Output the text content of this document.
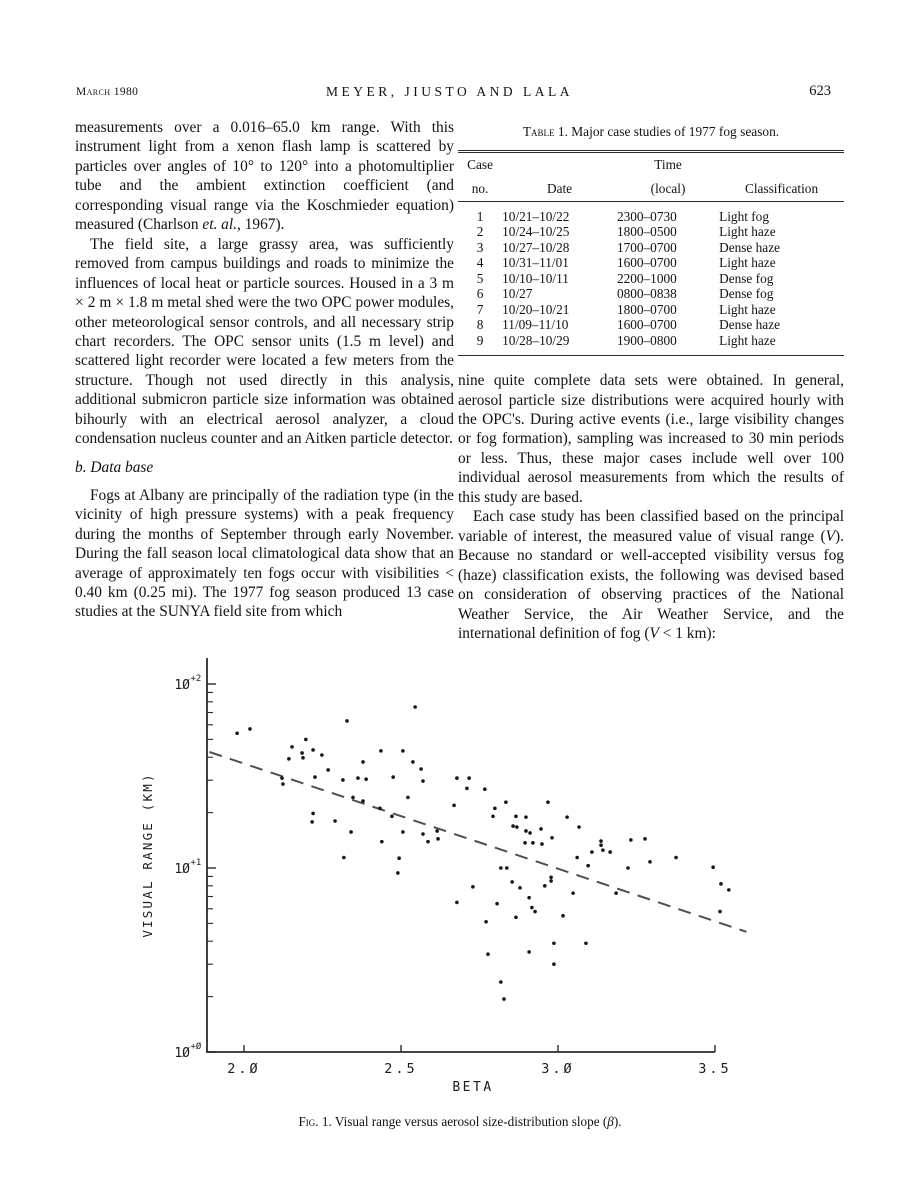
March 1980	MEYER, JIUSTO AND LALA	623

measurements over a 0.016–65.0 km range. With this instrument light from a xenon flash lamp is scattered by particles over angles of 10° to 120° into a photomultiplier tube and the ambient extinction coefficient (and corresponding visual range via the Koschmieder equation) measured (Charlson et. al., 1967).

The field site, a large grassy area, was sufficiently removed from campus buildings and roads to minimize the influences of local heat or particle sources. Housed in a 3 m × 2 m × 1.8 m metal shed were the two OPC power modules, other meteorological sensor controls, and all necessary strip chart recorders. The OPC sensor units (1.5 m level) and scattered light recorder were located a few meters from the structure. Though not used directly in this analysis, additional submicron particle size information was obtained bihourly with an electrical aerosol analyzer, a cloud condensation nucleus counter and an Aitken particle detector.

b. Data base

Fogs at Albany are principally of the radiation type (in the vicinity of high pressure systems) with a peak frequency during the months of September through early November. During the fall season local climatological data show that an average of approximately ten fogs occur with visibilities < 0.40 km (0.25 mi). The 1977 fog season produced 13 case studies at the SUNYA field site from which

Table 1. Major case studies of 1977 fog season.
Case		Time	
no.	Date	(local)	Classification
1	10/21–10/22	2300–0730	Light fog
2	10/24–10/25	1800–0500	Light haze
3	10/27–10/28	1700–0700	Dense haze
4	10/31–11/01	1600–0700	Light haze
5	10/10–10/11	2200–1000	Dense fog
6	10/27	0800–0838	Dense fog
7	10/20–10/21	1800–0700	Light haze
8	11/09–11/10	1600–0700	Dense haze
9	10/28–10/29	1900–0800	Light haze

nine quite complete data sets were obtained. In general, aerosol particle size distributions were acquired hourly with the OPC's. During active events (i.e., large visibility changes or fog formation), sampling was increased to 30 min periods or less. Thus, these major cases include well over 100 individual aerosol measurements from which the results of this study are based.

Each case study has been classified based on the principal variable of interest, the measured value of visual range (V). Because no standard or well-accepted visibility versus fog (haze) classification exists, the following was devised based on consideration of observing practices of the National Weather Service, the Air Weather Service, and the international definition of fog (V < 1 km):

2.Ø	2.5	3.Ø	3.5
BETA
1Ø +Ø
1Ø +1
1Ø +2
VISUAL RANGE (KM)
Fig. 1. Visual range versus aerosol size-distribution slope (β).
